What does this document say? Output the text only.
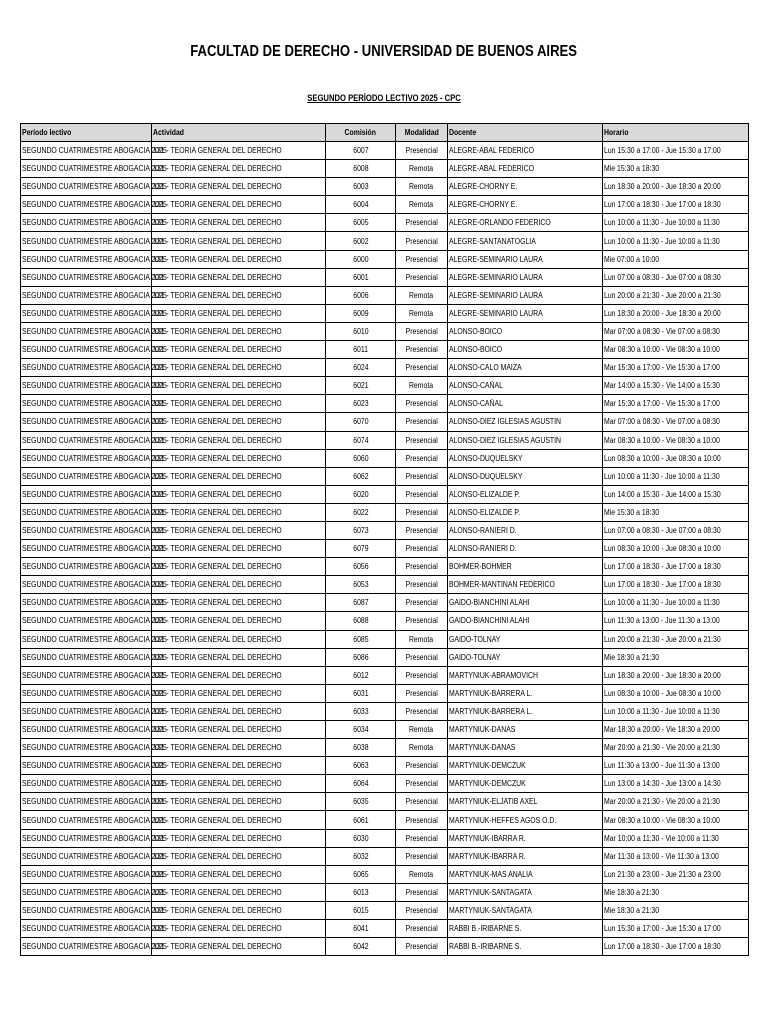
FACULTAD DE DERECHO - UNIVERSIDAD DE BUENOS AIRES
SEGUNDO PERÍODO LECTIVO 2025 - CPC
Período lectivo	Actividad	Comisión	Modalidad	Docente	Horario
SEGUNDO CUATRIMESTRE ABOGACIA 2025	131 - TEORIA GENERAL DEL DERECHO	6007	Presencial	ALEGRE-ABAL FEDERICO	Lun 15:30 a 17:00 - Jue 15:30 a 17:00
SEGUNDO CUATRIMESTRE ABOGACIA 2025	131 - TEORIA GENERAL DEL DERECHO	6008	Remota	ALEGRE-ABAL FEDERICO	Mie 15:30 a 18:30
SEGUNDO CUATRIMESTRE ABOGACIA 2025	131 - TEORIA GENERAL DEL DERECHO	6003	Remota	ALEGRE-CHORNY E.	Lun 18:30 a 20:00 - Jue 18:30 a 20:00
SEGUNDO CUATRIMESTRE ABOGACIA 2025	131 - TEORIA GENERAL DEL DERECHO	6004	Remota	ALEGRE-CHORNY E.	Lun 17:00 a 18:30 - Jue 17:00 a 18:30
SEGUNDO CUATRIMESTRE ABOGACIA 2025	131 - TEORIA GENERAL DEL DERECHO	6005	Presencial	ALEGRE-ORLANDO FEDERICO	Lun 10:00 a 11:30 - Jue 10:00 a 11:30
SEGUNDO CUATRIMESTRE ABOGACIA 2025	131 - TEORIA GENERAL DEL DERECHO	6002	Presencial	ALEGRE-SANTANATOGLIA	Lun 10:00 a 11:30 - Jue 10:00 a 11:30
SEGUNDO CUATRIMESTRE ABOGACIA 2025	131 - TEORIA GENERAL DEL DERECHO	6000	Presencial	ALEGRE-SEMINARIO LAURA	Mie 07:00 a 10:00
SEGUNDO CUATRIMESTRE ABOGACIA 2025	131 - TEORIA GENERAL DEL DERECHO	6001	Presencial	ALEGRE-SEMINARIO LAURA	Lun 07:00 a 08:30 - Jue 07:00 a 08:30
SEGUNDO CUATRIMESTRE ABOGACIA 2025	131 - TEORIA GENERAL DEL DERECHO	6006	Remota	ALEGRE-SEMINARIO LAURA	Lun 20:00 a 21:30 - Jue 20:00 a 21:30
SEGUNDO CUATRIMESTRE ABOGACIA 2025	131 - TEORIA GENERAL DEL DERECHO	6009	Remota	ALEGRE-SEMINARIO LAURA	Lun 18:30 a 20:00 - Jue 18:30 a 20:00
SEGUNDO CUATRIMESTRE ABOGACIA 2025	131 - TEORIA GENERAL DEL DERECHO	6010	Presencial	ALONSO-BOICO	Mar 07:00 a 08:30 - Vie 07:00 a 08:30
SEGUNDO CUATRIMESTRE ABOGACIA 2025	131 - TEORIA GENERAL DEL DERECHO	6011	Presencial	ALONSO-BOICO	Mar 08:30 a 10:00 - Vie 08:30 a 10:00
SEGUNDO CUATRIMESTRE ABOGACIA 2025	131 - TEORIA GENERAL DEL DERECHO	6024	Presencial	ALONSO-CALO MAIZA	Mar 15:30 a 17:00 - Vie 15:30 a 17:00
SEGUNDO CUATRIMESTRE ABOGACIA 2025	131 - TEORIA GENERAL DEL DERECHO	6021	Remota	ALONSO-CAÑAL	Mar 14:00 a 15:30 - Vie 14:00 a 15:30
SEGUNDO CUATRIMESTRE ABOGACIA 2025	131 - TEORIA GENERAL DEL DERECHO	6023	Presencial	ALONSO-CAÑAL	Mar 15:30 a 17:00 - Vie 15:30 a 17:00
SEGUNDO CUATRIMESTRE ABOGACIA 2025	131 - TEORIA GENERAL DEL DERECHO	6070	Presencial	ALONSO-DIEZ IGLESIAS AGUSTIN	Mar 07:00 a 08:30 - Vie 07:00 a 08:30
SEGUNDO CUATRIMESTRE ABOGACIA 2025	131 - TEORIA GENERAL DEL DERECHO	6074	Presencial	ALONSO-DIEZ IGLESIAS AGUSTIN	Mar 08:30 a 10:00 - Vie 08:30 a 10:00
SEGUNDO CUATRIMESTRE ABOGACIA 2025	131 - TEORIA GENERAL DEL DERECHO	6060	Presencial	ALONSO-DUQUELSKY	Lun 08:30 a 10:00 - Jue 08:30 a 10:00
SEGUNDO CUATRIMESTRE ABOGACIA 2025	131 - TEORIA GENERAL DEL DERECHO	6062	Presencial	ALONSO-DUQUELSKY	Lun 10:00 a 11:30 - Jue 10:00 a 11:30
SEGUNDO CUATRIMESTRE ABOGACIA 2025	131 - TEORIA GENERAL DEL DERECHO	6020	Presencial	ALONSO-ELIZALDE P.	Lun 14:00 a 15:30 - Jue 14:00 a 15:30
SEGUNDO CUATRIMESTRE ABOGACIA 2025	131 - TEORIA GENERAL DEL DERECHO	6022	Presencial	ALONSO-ELIZALDE P.	Mie 15:30 a 18:30
SEGUNDO CUATRIMESTRE ABOGACIA 2025	131 - TEORIA GENERAL DEL DERECHO	6073	Presencial	ALONSO-RANIERI D.	Lun 07:00 a 08:30 - Jue 07:00 a 08:30
SEGUNDO CUATRIMESTRE ABOGACIA 2025	131 - TEORIA GENERAL DEL DERECHO	6079	Presencial	ALONSO-RANIERI D.	Lun 08:30 a 10:00 - Jue 08:30 a 10:00
SEGUNDO CUATRIMESTRE ABOGACIA 2025	131 - TEORIA GENERAL DEL DERECHO	6056	Presencial	BOHMER-BOHMER	Lun 17:00 a 18:30 - Jue 17:00 a 18:30
SEGUNDO CUATRIMESTRE ABOGACIA 2025	131 - TEORIA GENERAL DEL DERECHO	6053	Presencial	BOHMER-MANTINAN FEDERICO	Lun 17:00 a 18:30 - Jue 17:00 a 18:30
SEGUNDO CUATRIMESTRE ABOGACIA 2025	131 - TEORIA GENERAL DEL DERECHO	6087	Presencial	GAIDO-BIANCHINI ALAHI	Lun 10:00 a 11:30 - Jue 10:00 a 11:30
SEGUNDO CUATRIMESTRE ABOGACIA 2025	131 - TEORIA GENERAL DEL DERECHO	6088	Presencial	GAIDO-BIANCHINI ALAHI	Lun 11:30 a 13:00 - Jue 11:30 a 13:00
SEGUNDO CUATRIMESTRE ABOGACIA 2025	131 - TEORIA GENERAL DEL DERECHO	6085	Remota	GAIDO-TOLNAY	Lun 20:00 a 21:30 - Jue 20:00 a 21:30
SEGUNDO CUATRIMESTRE ABOGACIA 2025	131 - TEORIA GENERAL DEL DERECHO	6086	Presencial	GAIDO-TOLNAY	Mie 18:30 a 21:30
SEGUNDO CUATRIMESTRE ABOGACIA 2025	131 - TEORIA GENERAL DEL DERECHO	6012	Presencial	MARTYNIUK-ABRAMOVICH	Lun 18:30 a 20:00 - Jue 18:30 a 20:00
SEGUNDO CUATRIMESTRE ABOGACIA 2025	131 - TEORIA GENERAL DEL DERECHO	6031	Presencial	MARTYNIUK-BARRERA L.	Lun 08:30 a 10:00 - Jue 08:30 a 10:00
SEGUNDO CUATRIMESTRE ABOGACIA 2025	131 - TEORIA GENERAL DEL DERECHO	6033	Presencial	MARTYNIUK-BARRERA L.	Lun 10:00 a 11:30 - Jue 10:00 a 11:30
SEGUNDO CUATRIMESTRE ABOGACIA 2025	131 - TEORIA GENERAL DEL DERECHO	6034	Remota	MARTYNIUK-DANAS	Mar 18:30 a 20:00 - Vie 18:30 a 20:00
SEGUNDO CUATRIMESTRE ABOGACIA 2025	131 - TEORIA GENERAL DEL DERECHO	6038	Remota	MARTYNIUK-DANAS	Mar 20:00 a 21:30 - Vie 20:00 a 21:30
SEGUNDO CUATRIMESTRE ABOGACIA 2025	131 - TEORIA GENERAL DEL DERECHO	6063	Presencial	MARTYNIUK-DEMCZUK	Lun 11:30 a 13:00 - Jue 11:30 a 13:00
SEGUNDO CUATRIMESTRE ABOGACIA 2025	131 - TEORIA GENERAL DEL DERECHO	6064	Presencial	MARTYNIUK-DEMCZUK	Lun 13:00 a 14:30 - Jue 13:00 a 14:30
SEGUNDO CUATRIMESTRE ABOGACIA 2025	131 - TEORIA GENERAL DEL DERECHO	6035	Presencial	MARTYNIUK-ELJATIB AXEL	Mar 20:00 a 21:30 - Vie 20:00 a 21:30
SEGUNDO CUATRIMESTRE ABOGACIA 2025	131 - TEORIA GENERAL DEL DERECHO	6061	Presencial	MARTYNIUK-HEFFES AGOS O.D.	Mar 08:30 a 10:00 - Vie 08:30 a 10:00
SEGUNDO CUATRIMESTRE ABOGACIA 2025	131 - TEORIA GENERAL DEL DERECHO	6030	Presencial	MARTYNIUK-IBARRA R.	Mar 10:00 a 11:30 - Vie 10:00 a 11:30
SEGUNDO CUATRIMESTRE ABOGACIA 2025	131 - TEORIA GENERAL DEL DERECHO	6032	Presencial	MARTYNIUK-IBARRA R.	Mar 11:30 a 13:00 - Vie 11:30 a 13:00
SEGUNDO CUATRIMESTRE ABOGACIA 2025	131 - TEORIA GENERAL DEL DERECHO	6065	Remota	MARTYNIUK-MAS ANALIA	Lun 21:30 a 23:00 - Jue 21:30 a 23:00
SEGUNDO CUATRIMESTRE ABOGACIA 2025	131 - TEORIA GENERAL DEL DERECHO	6013	Presencial	MARTYNIUK-SANTAGATA	Mie 18:30 a 21:30
SEGUNDO CUATRIMESTRE ABOGACIA 2025	131 - TEORIA GENERAL DEL DERECHO	6015	Presencial	MARTYNIUK-SANTAGATA	Mie 18:30 a 21:30
SEGUNDO CUATRIMESTRE ABOGACIA 2025	131 - TEORIA GENERAL DEL DERECHO	6041	Presencial	RABBI B.-IRIBARNE S.	Lun 15:30 a 17:00 - Jue 15:30 a 17:00
SEGUNDO CUATRIMESTRE ABOGACIA 2025	131 - TEORIA GENERAL DEL DERECHO	6042	Presencial	RABBI B.-IRIBARNE S.	Lun 17:00 a 18:30 - Jue 17:00 a 18:30
